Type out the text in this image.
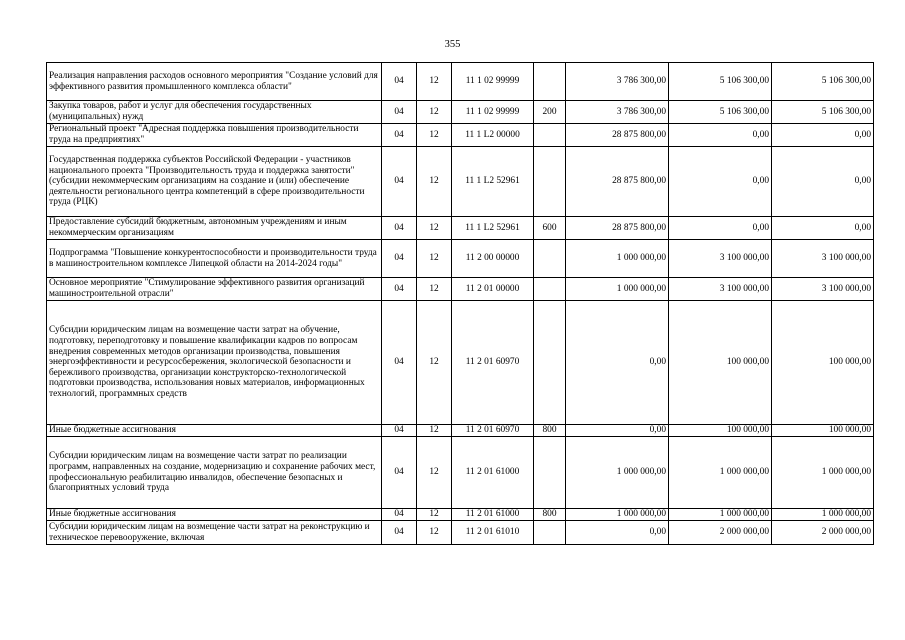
355
Реализация направления расходов основного мероприятия "Создание условий для эффективного развития промышленного комплекса области"	04	12	11 1 02 99999		3 786 300,00	5 106 300,00	5 106 300,00
Закупка товаров, работ и услуг для обеспечения государственных (муниципальных) нужд	04	12	11 1 02 99999	200	3 786 300,00	5 106 300,00	5 106 300,00
Региональный проект "Адресная поддержка повышения производительности труда на предприятиях"	04	12	11 1 L2 00000		28 875 800,00	0,00	0,00
Государственная поддержка субъектов Российской Федерации - участников национального проекта "Производительность труда и поддержка занятости" (субсидии некоммерческим организациям на создание и (или) обеспечение деятельности регионального центра компетенций в сфере производительности труда (РЦК)	04	12	11 1 L2 52961		28 875 800,00	0,00	0,00
Предоставление субсидий бюджетным, автономным учреждениям и иным некоммерческим организациям	04	12	11 1 L2 52961	600	28 875 800,00	0,00	0,00
Подпрограмма "Повышение конкурентоспособности и производительности труда в машиностроительном комплексе Липецкой области на 2014-2024 годы"	04	12	11 2 00 00000		1 000 000,00	3 100 000,00	3 100 000,00
Основное мероприятие "Стимулирование эффективного развития организаций машиностроительной отрасли"	04	12	11 2 01 00000		1 000 000,00	3 100 000,00	3 100 000,00
Субсидии юридическим лицам на возмещение части затрат на обучение, подготовку, переподготовку и повышение квалификации кадров по вопросам внедрения современных методов организации производства, повышения энергоэффективности и ресурсосбережения, экологической безопасности и бережливого производства, организации конструкторско-технологической подготовки производства, использования новых материалов, информационных технологий, программных средств	04	12	11 2 01 60970		0,00	100 000,00	100 000,00
Иные бюджетные ассигнования	04	12	11 2 01 60970	800	0,00	100 000,00	100 000,00
Субсидии юридическим лицам на возмещение части затрат по реализации программ, направленных на создание, модернизацию и сохранение рабочих мест, профессиональную реабилитацию инвалидов, обеспечение безопасных и благоприятных условий труда	04	12	11 2 01 61000		1 000 000,00	1 000 000,00	1 000 000,00
Иные бюджетные ассигнования	04	12	11 2 01 61000	800	1 000 000,00	1 000 000,00	1 000 000,00
Субсидии юридическим лицам на возмещение части затрат на реконструкцию и техническое перевооружение, включая	04	12	11 2 01 61010		0,00	2 000 000,00	2 000 000,00
